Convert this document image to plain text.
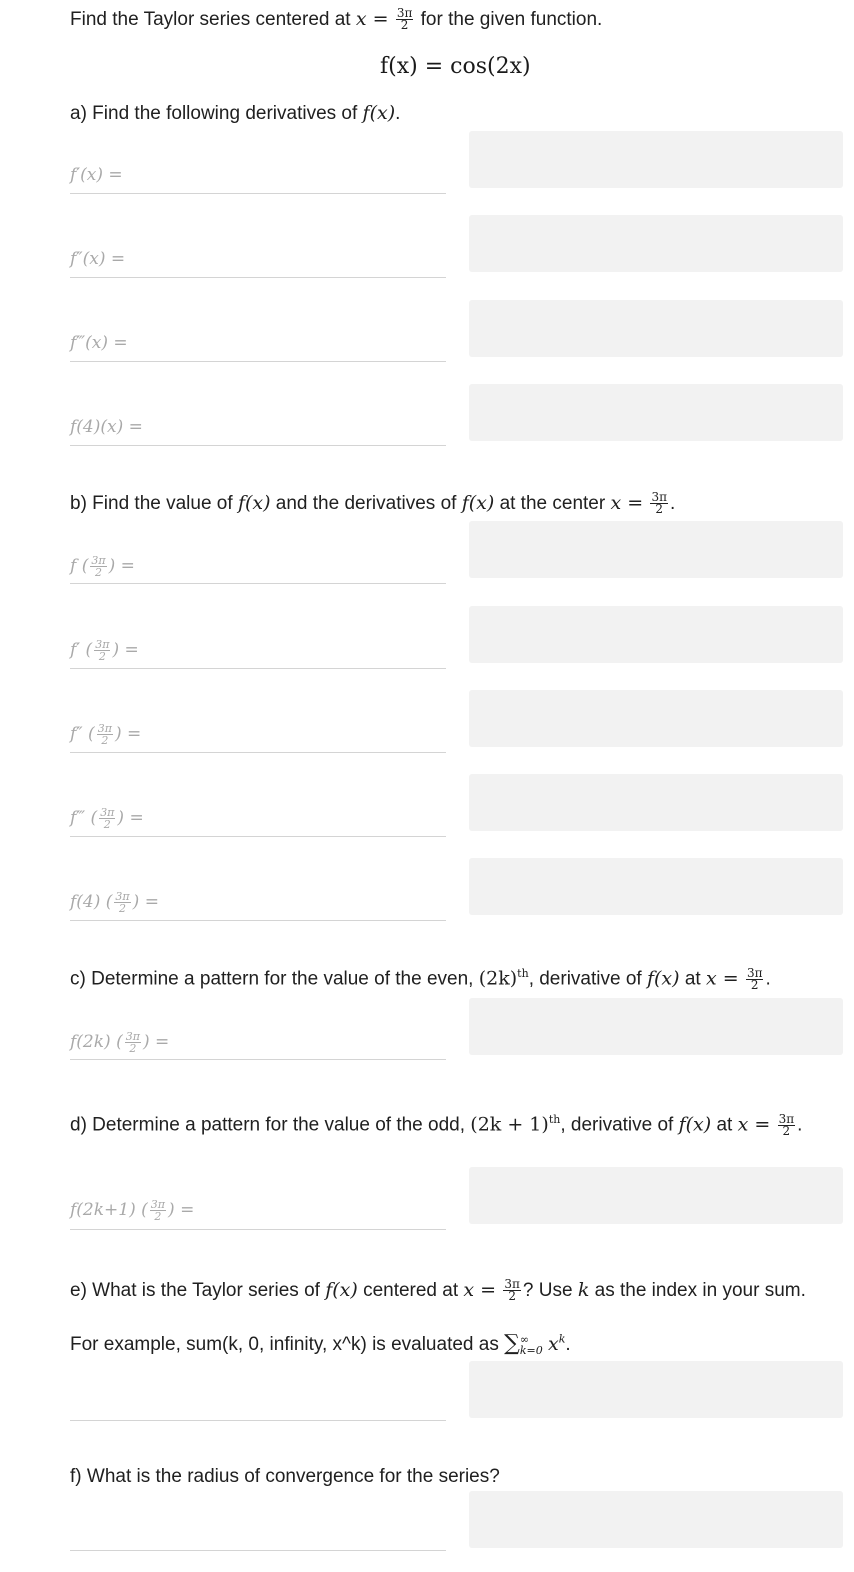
Find the Taylor series centered at $x = \frac{3\pi}{2}$ for the given function.
f(x) = cos(2x)
a) Find the following derivatives of f(x).
f′(x) =
f″(x) =
f‴(x) =
f(4)(x) =
b) Find the value of f(x) and the derivatives of f(x) at the center $x = \frac{3\pi}{2}$ .
f ( $\frac{3\pi}{2}$ ) =
f′ ( $\frac{3\pi}{2}$ ) =
f″ ( $\frac{3\pi}{2}$ ) =
f‴ ( $\frac{3\pi}{2}$ ) =
f(4) ( $\frac{3\pi}{2}$ ) =
c) Determine a pattern for the value of the even, $(2k)^{th}$, derivative of f(x) at $x = \frac{3\pi}{2}$ .
f(2k) ( $\frac{3\pi}{2}$ ) =
d) Determine a pattern for the value of the odd, $(2k + 1)^{th}$, derivative of f(x) at $x = \frac{3\pi}{2}$ .
f(2k+1) ( $\frac{3\pi}{2}$ ) =
e) What is the Taylor series of f(x) centered at $x = \frac{3\pi}{2}$ ? Use k as the index in your sum.
For example, sum(k, 0, infinity, x^k) is evaluated as ∑ ∞
k=0 $x^k$.
f) What is the radius of convergence for the series?
